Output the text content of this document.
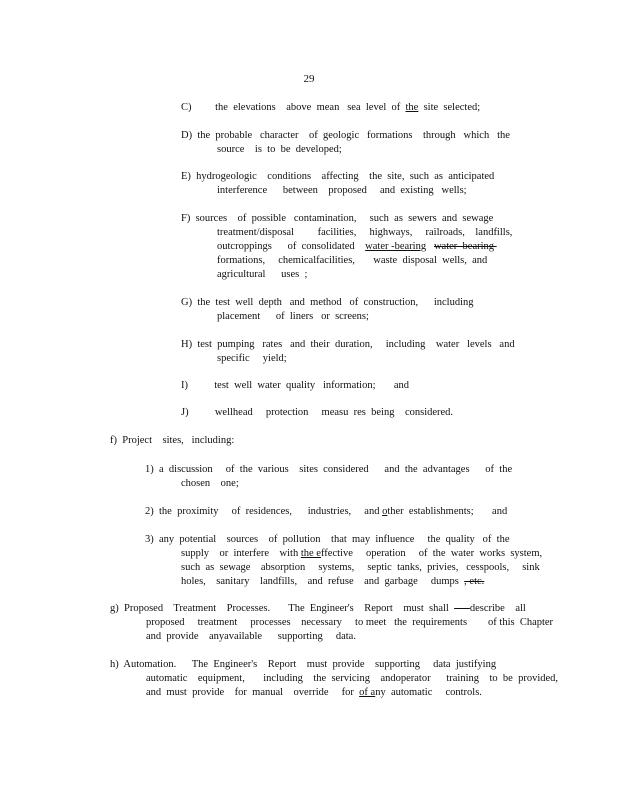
29
C)         the  elevations    above  mean   sea  level  of  the  site  selected;
D)  the  probable   character    of  geologic   formations    through   which   the
source    is  to  be  developed;
E)  hydrogeologic    conditions    affecting    the  site,  such  as  anticipated
interference      between    proposed     and  existing   wells;
F)  sources    of  possible   contamination,     such  as  sewers  and  sewage
treatment/disposal         facilities,     highways,     railroads,    landfills,
outcroppings      of  consolidated    water -bearing water  bearing
formations,     chemicalfacilities,       waste  disposal  wells,  and
agricultural      uses  ;
G)  the  test  well  depth   and  method   of  construction,      including
placement      of  liners   or  screens;
H)  test  pumping   rates   and  their  duration,     including    water   levels   and
specific     yield;
I)          test  well  water  quality   information;       and
J)          wellhead     protection     measu  res  being    considered.
f)  Project    sites,   including:
1)  a  discussion     of  the  various    sites  considered      and  the  advantages      of  the
chosen    one;
2)  the  proximity     of  residences,      industries,     and other  establishments;       and
3)  any  potential    sources    of  pollution    that  may  influence     the  quality   of  the
supply    or  interfere    with the effective     operation     of  the  water  works  system,
such  as  sewage    absorption     systems,     septic  tanks,  privies,   cesspools,     sink
holes,    sanitary    landfills,    and  refuse    and  garbage     dumps  , etc.
g)  Proposed    Treatment    Processes.       The  Engineer's    Report    must  shall        describe    all
proposed     treatment     processes    necessary     to meet   the  requirements        of this  Chapter
and  provide    anyavailable      supporting     data.
h)  Automation.      The  Engineer's    Report    must  provide    supporting     data  justifying
automatic    equipment,       including    the  servicing    andoperator      training    to  be  provided,
and  must  provide    for  manual    override     for  of any  automatic     controls.
